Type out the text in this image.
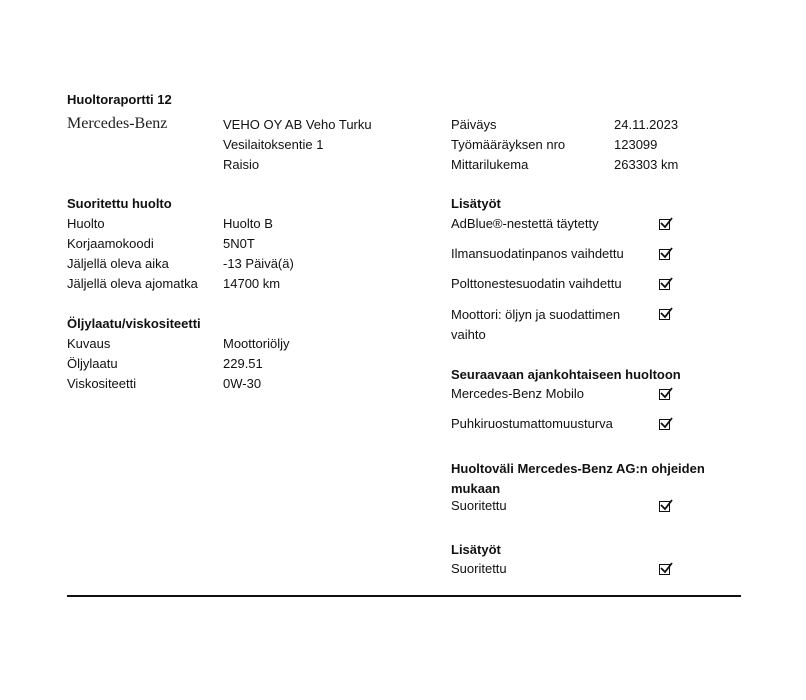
Huoltoraportti 12
Mercedes-Benz	VEHO OY AB Veho Turku
Vesilaitoksentie 1
Raisio
Päiväys	24.11.2023
Työmääräyksen nro	123099
Mittarilukema	263303 km
Suoritettu huolto
Huolto	Huolto B
Korjaamokoodi	5N0T
Jäljellä oleva aika	-13 Päivä(ä)
Jäljellä oleva ajomatka 14700 km
Öljylaatu/viskositeetti
Kuvaus	Moottoriöljy
Öljylaatu	229.51
Viskositeetti	0W-30
Lisätyöt
AdBlue®-nestettä täytetty
Ilmansuodatinpanos vaihdettu
Polttonestesuodatin vaihdettu
Moottori: öljyn ja suodattimen vaihto
Seuraavaan ajankohtaiseen huoltoon
Mercedes-Benz Mobilo
Puhkiruostumattomuusturva
Huoltoväli Mercedes-Benz AG:n ohjeiden mukaan
Suoritettu
Lisätyöt
Suoritettu
